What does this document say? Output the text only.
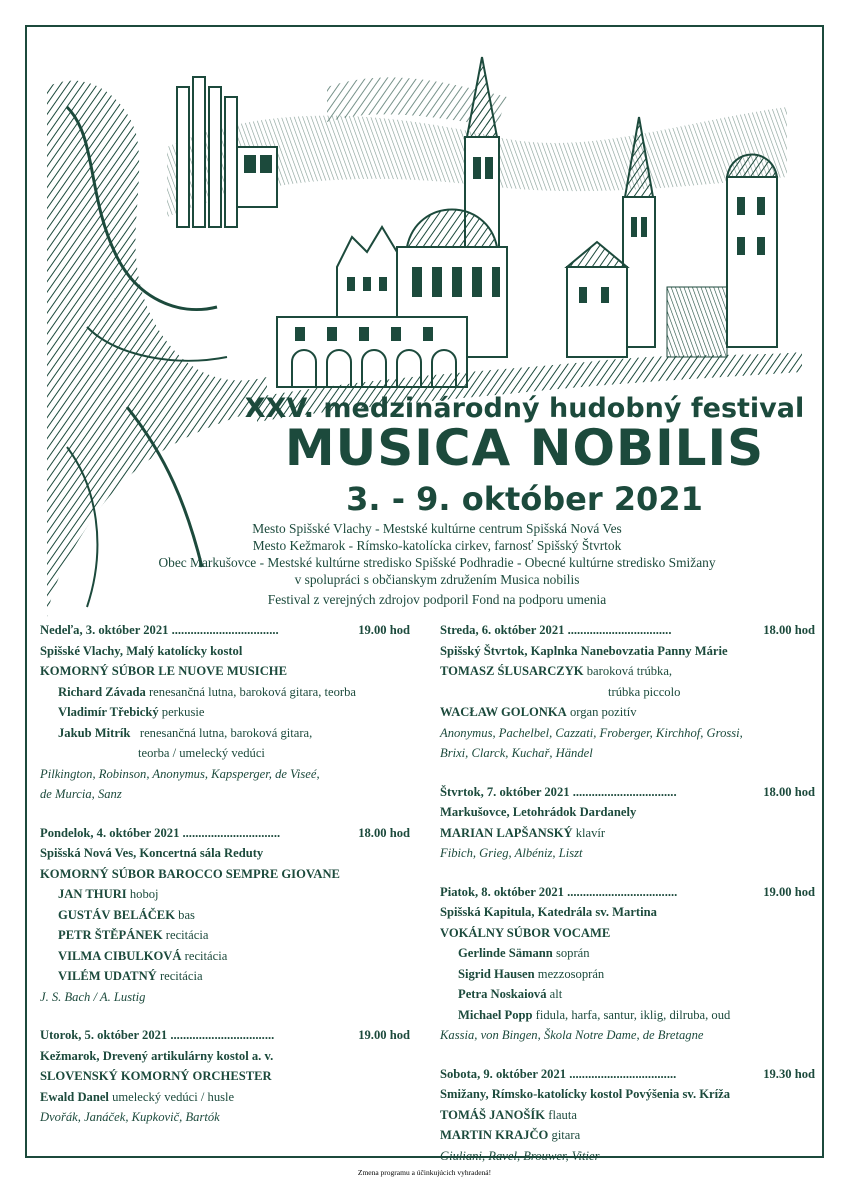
XXV. medzinárodný hudobný festival
MUSICA NOBILIS
3. - 9. október 2021
Mesto Spišské Vlachy - Mestské kultúrne centrum Spišská Nová Ves
Mesto Kežmarok - Rímsko-katolícka cirkev, farnosť Spišský Štvrtok
Obec Markušovce - Mestské kultúrne stredisko Spišské Podhradie - Obecné kultúrne stredisko Smižany
v spolupráci s občianskym združením Musica nobilis
Festival z verejných zdrojov podporil Fond na podporu umenia
Nedeľa, 3. október 2021 ..................................	19.00 hod
Spišské Vlachy, Malý katolícky kostol
KOMORNÝ SÚBOR LE NUOVE MUSICHE
Richard Závada renesančná lutna, baroková gitara, teorba
Vladimír Třebický perkusie
Jakub Mitrík renesančná lutna, baroková gitara,
teorba / umelecký vedúci
Pilkington, Robinson, Anonymus, Kapsperger, de Viseé,
de Murcia, Sanz
Pondelok, 4. október 2021 ...............................	18.00 hod
Spišská Nová Ves, Koncertná sála Reduty
KOMORNÝ SÚBOR BAROCCO SEMPRE GIOVANE
JAN THURI hoboj
GUSTÁV BELÁČEK bas
PETR ŠTĚPÁNEK recitácia
VILMA CIBULKOVÁ recitácia
VILÉM UDATNÝ recitácia
J. S. Bach / A. Lustig
Utorok, 5. október 2021 .................................	19.00 hod
Kežmarok, Drevený artikulárny kostol a. v.
SLOVENSKÝ KOMORNÝ ORCHESTER
Ewald Danel umelecký vedúci / husle
Dvořák, Janáček, Kupkovič, Bartók
Streda, 6. október 2021 .................................	18.00 hod
Spišský Štvrtok, Kaplnka Nanebovzatia Panny Márie
TOMASZ ŚLUSARCZYK baroková trúbka,
trúbka piccolo
WACŁAW GOLONKA organ pozitív
Anonymus, Pachelbel, Cazzati, Froberger, Kirchhof, Grossi,
Brixi, Clarck, Kuchař, Händel
Štvrtok, 7. október 2021 .................................	18.00 hod
Markušovce, Letohrádok Dardanely
MARIAN LAPŠANSKÝ klavír
Fibich, Grieg, Albéniz, Liszt
Piatok, 8. október 2021 ...................................	19.00 hod
Spišská Kapitula, Katedrála sv. Martina
VOKÁLNY SÚBOR VOCAME
Gerlinde Sämann soprán
Sigrid Hausen mezzosoprán
Petra Noskaiová alt
Michael Popp fidula, harfa, santur, iklig, dilruba, oud
Kassia, von Bingen, Škola Notre Dame, de Bretagne
Sobota, 9. október 2021 ..................................	19.30 hod
Smižany, Rímsko-katolícky kostol Povýšenia sv. Kríža
TOMÁŠ JANOŠÍK flauta
MARTIN KRAJČO gitara
Giuliani, Ravel, Brouwer, Vitier
Zmena programu a účinkujúcich vyhradená!
